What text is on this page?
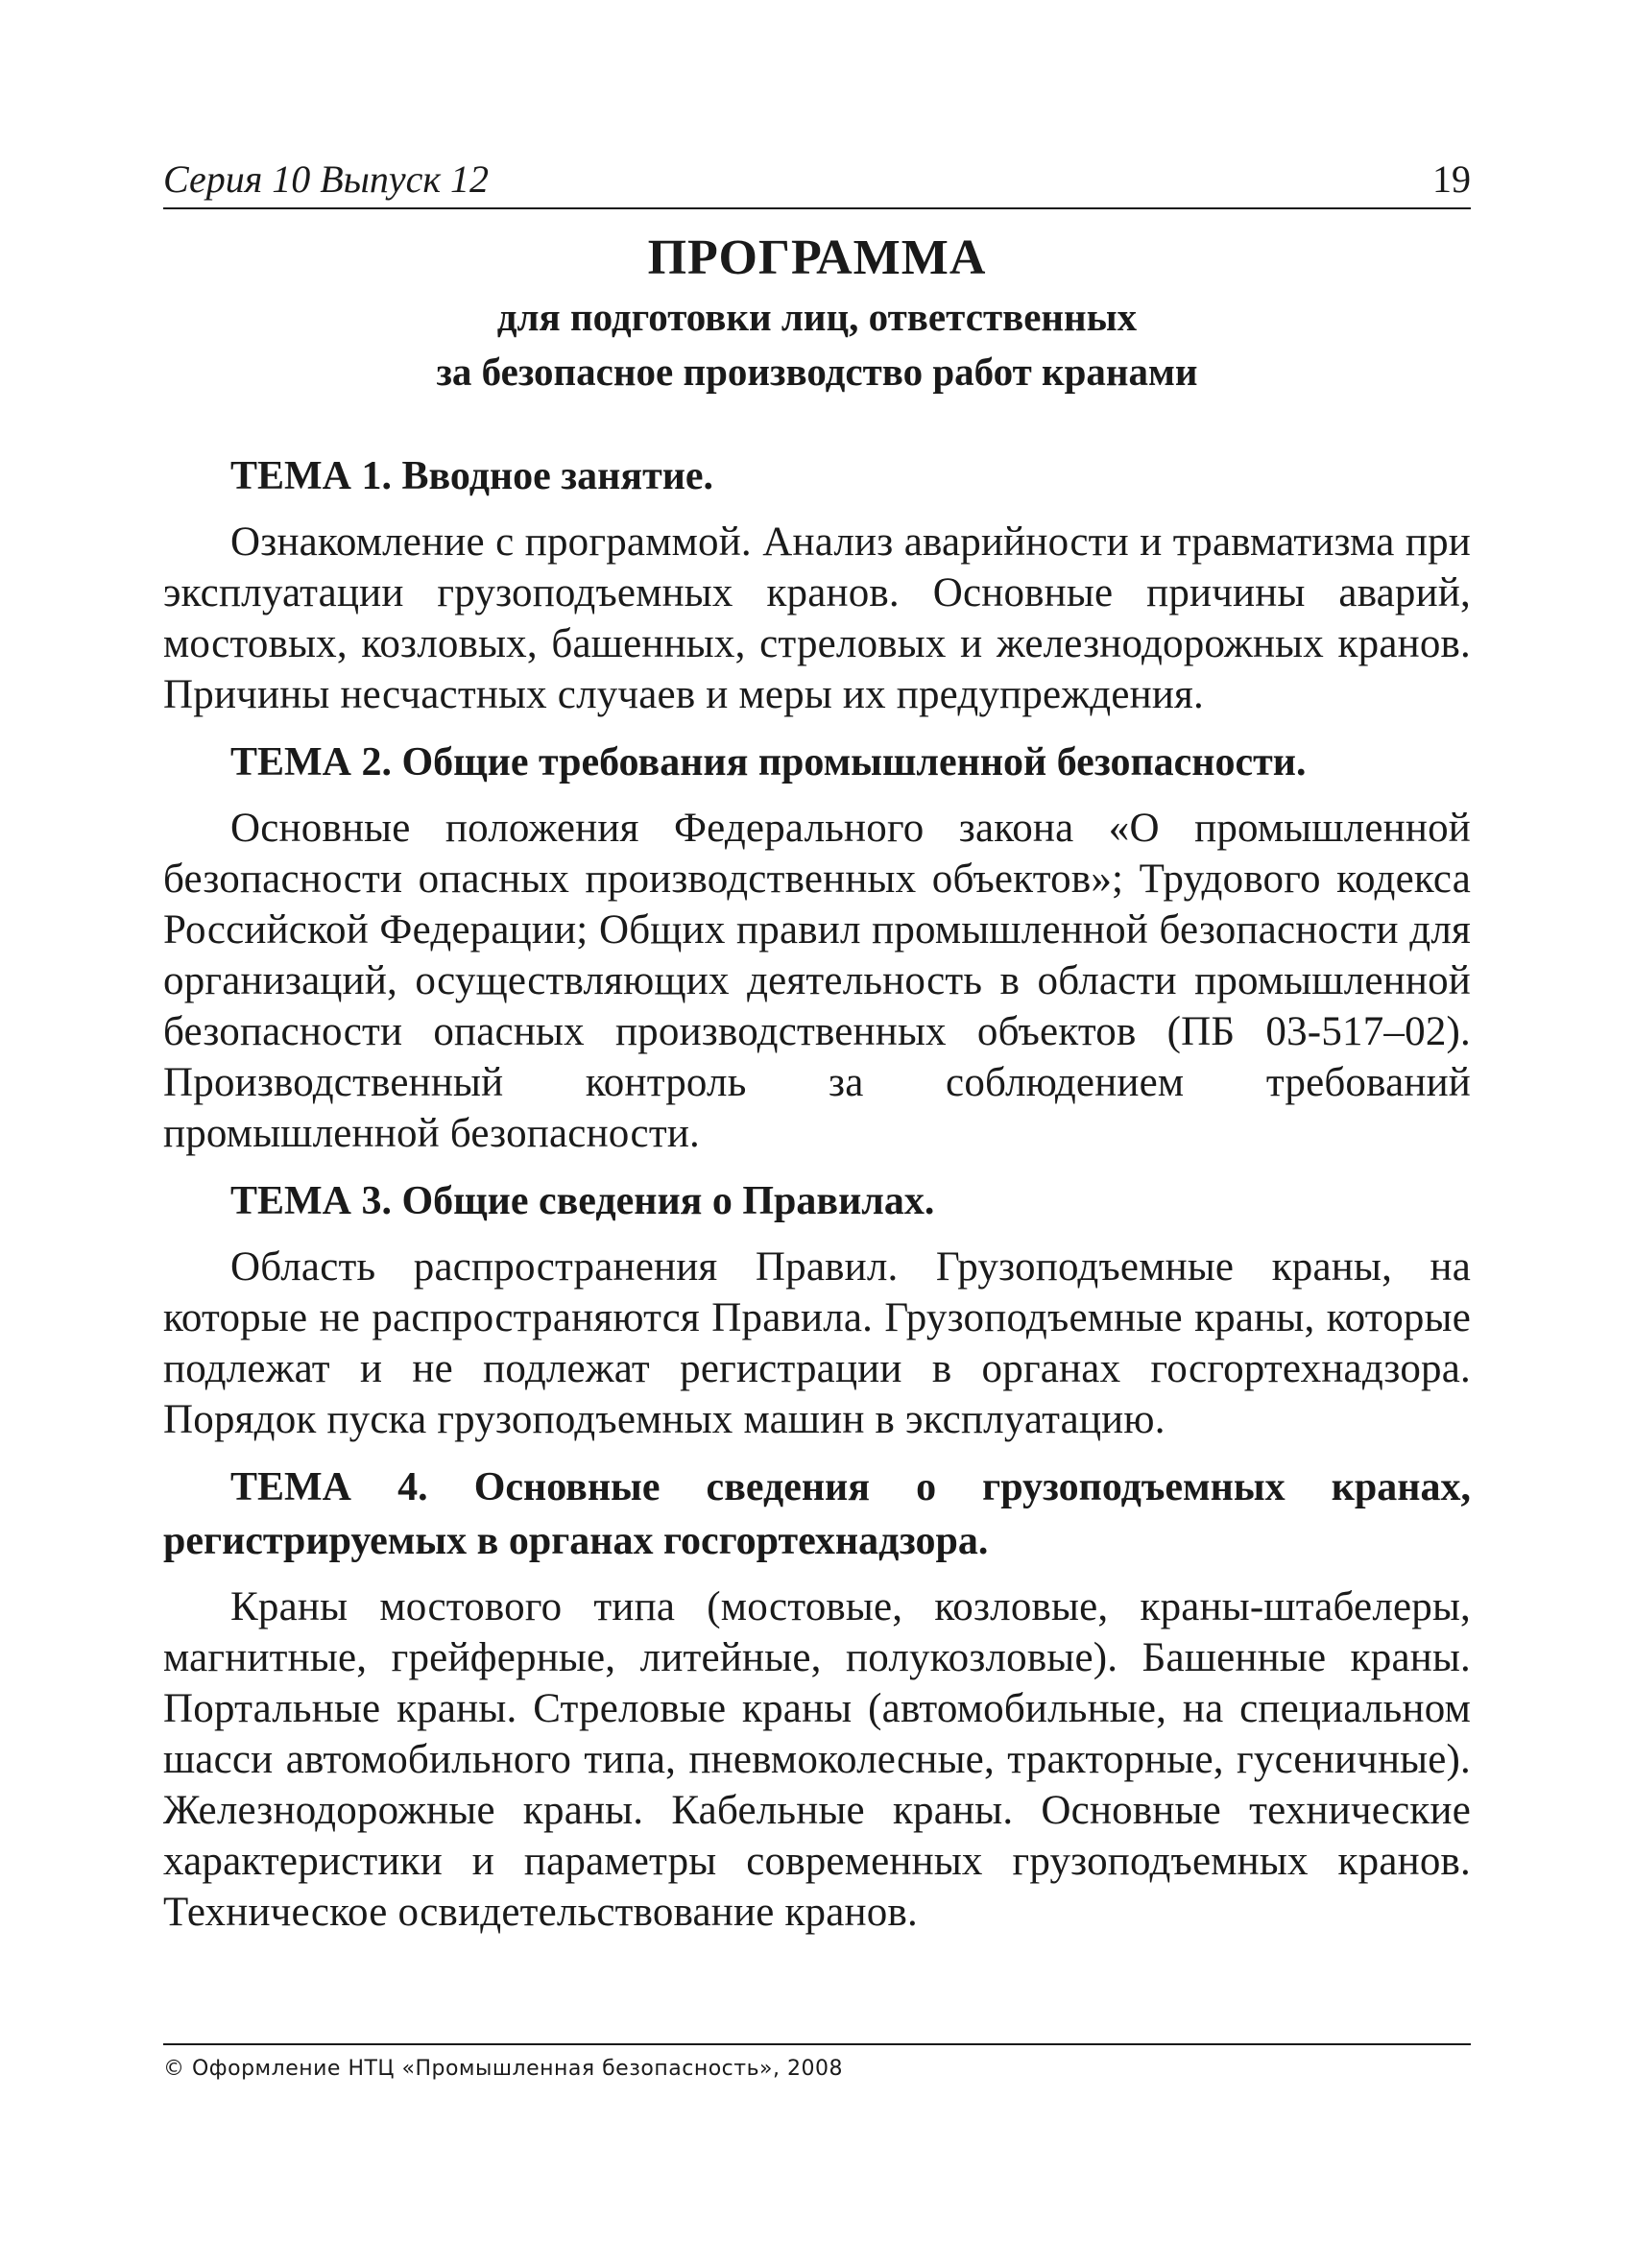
Серия 10 Выпуск 12	19
ПРОГРАММА
для подготовки лиц, ответственных
за безопасное производство работ кранами

ТЕМА 1. Вводное занятие.

Ознакомление с программой. Анализ аварийности и травматизма при эксплуатации грузоподъемных кранов. Основные причины аварий, мостовых, козловых, башенных, стреловых и железнодорожных кранов. Причины несчастных случаев и меры их предупреждения.

ТЕМА 2. Общие требования промышленной безопасности.

Основные положения Федерального закона «О промышленной безопасности опасных производственных объектов»; Трудового кодекса Российской Федерации; Общих правил промышленной безопасности для организаций, осуществляющих деятельность в области промышленной безопасности опасных производственных объектов (ПБ 03-517–02). Производственный контроль за соблюдением требований промышленной безопасности.

ТЕМА 3. Общие сведения о Правилах.

Область распространения Правил. Грузоподъемные краны, на которые не распространяются Правила. Грузоподъемные краны, которые подлежат и не подлежат регистрации в органах госгортехнадзора. Порядок пуска грузоподъемных машин в эксплуатацию.

ТЕМА 4. Основные сведения о грузоподъемных кранах, регистрируемых в органах госгортехнадзора.

Краны мостового типа (мостовые, козловые, краны-штабелеры, магнитные, грейферные, литейные, полукозловые). Башенные краны. Портальные краны. Стреловые краны (автомобильные, на специальном шасси автомобильного типа, пневмоколесные, тракторные, гусеничные). Железнодорожные краны. Кабельные краны. Основные технические характеристики и параметры современных грузоподъемных кранов. Техническое освидетельствование кранов.

© Оформление НТЦ «Промышленная безопасность», 2008
